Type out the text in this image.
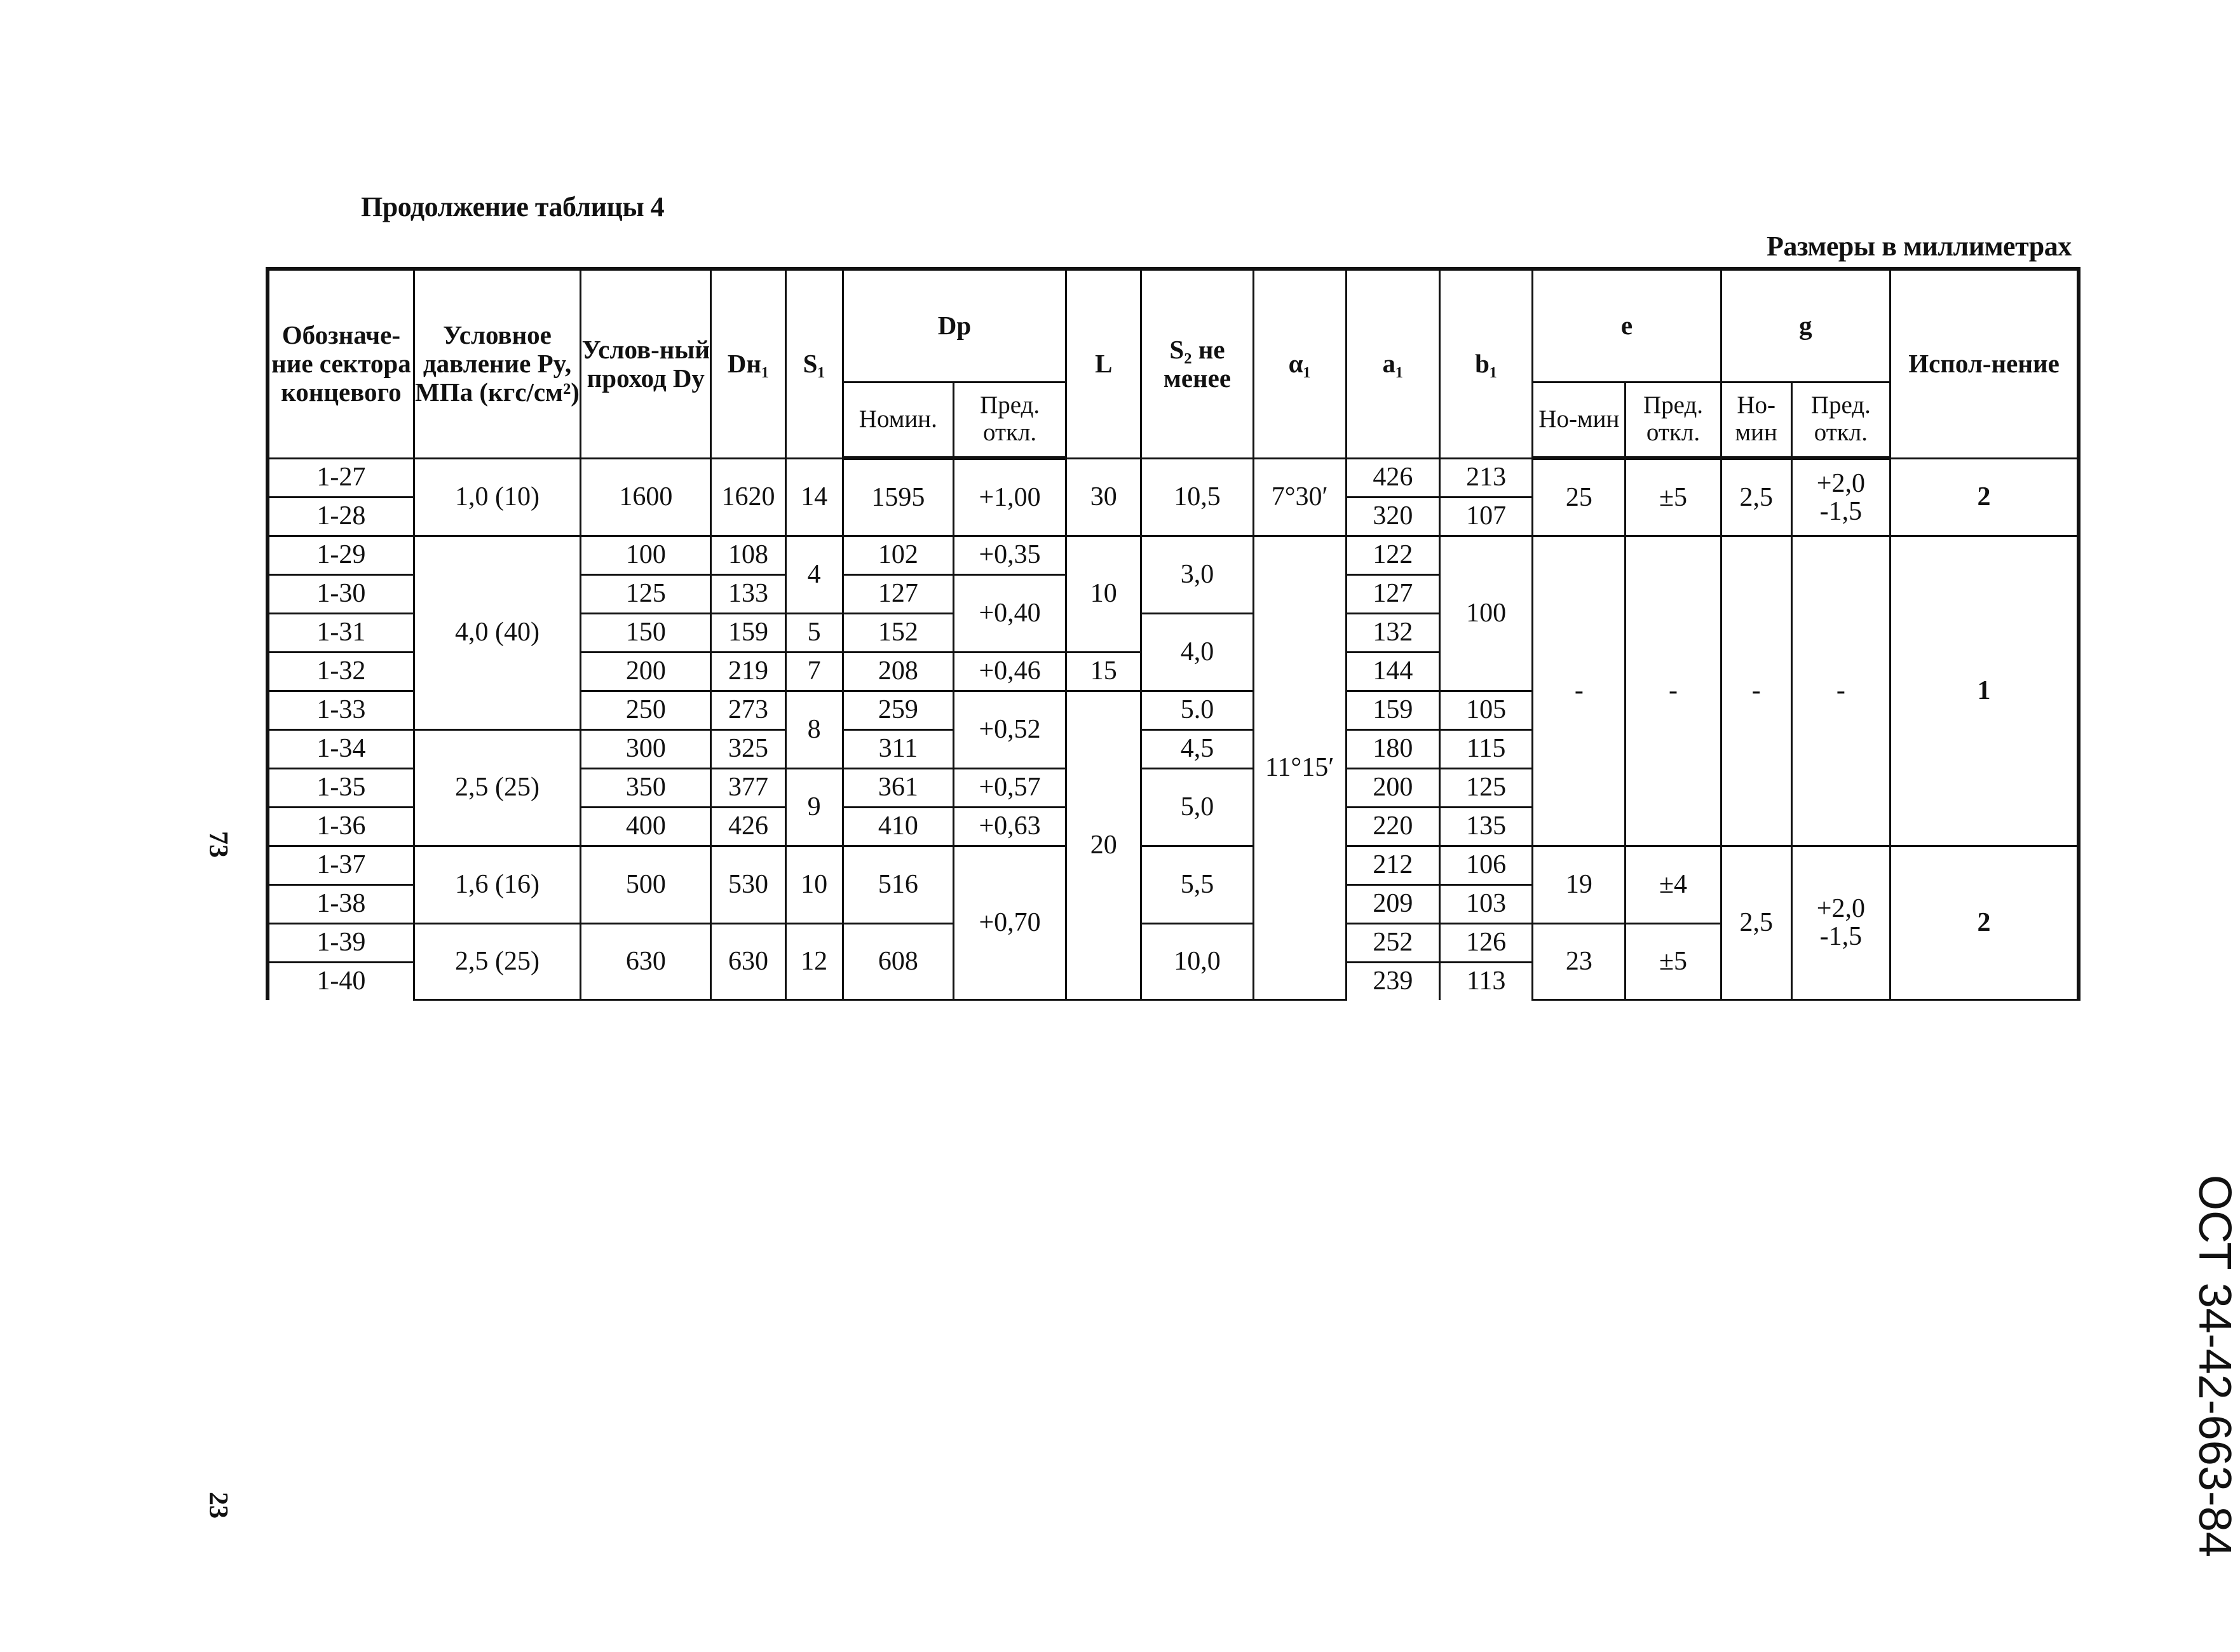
Продолжение таблицы 4
Размеры в миллиметрах
73
23	ОСТ 34-42-663-84
Обозначе-ние сектора концевого	Условное давление Py, МПа (кгс/см²)	Услов-ный проход Dy	Dн₁	S₁	Dp		L	S₂ не менее	α₁	a₁	b₁	e		g		Испол-нение
					Номин.	Пред. откл.						Но-мин	Пред. откл.	Но-мин	Пред. откл.	
1-27	1,0 (10)	1600	1620	14	1595	+1,00	30	10,5	7°30′	426	213	25	±5	2,5	+2,0 -1,5	2
1-28										320	107					
1-29	4,0 (40)	100	108	4	102	+0,35	10	3,0	11°15′	122	100	-	-	-	-	1
1-30		125	133		127	+0,40				127						
1-31		150	159	5	152			4,0		132						
1-32		200	219	7	208	+0,46	15			144						
1-33		250	273	8	259	+0,52	20	5.0		159	105					
1-34	2,5 (25)	300	325		311			4,5		180	115					
1-35		350	377	9	361	+0,57		5,0		200	125					
1-36		400	426		410	+0,63				220	135					
1-37	1,6 (16)	500	530	10	516	+0,70		5,5		212	106	19	±4	2,5	+2,0 -1,5	2
1-38										209	103					
1-39	2,5 (25)	630	630	12	608			10,0		252	126	23	±5			
1-40										239	113					
